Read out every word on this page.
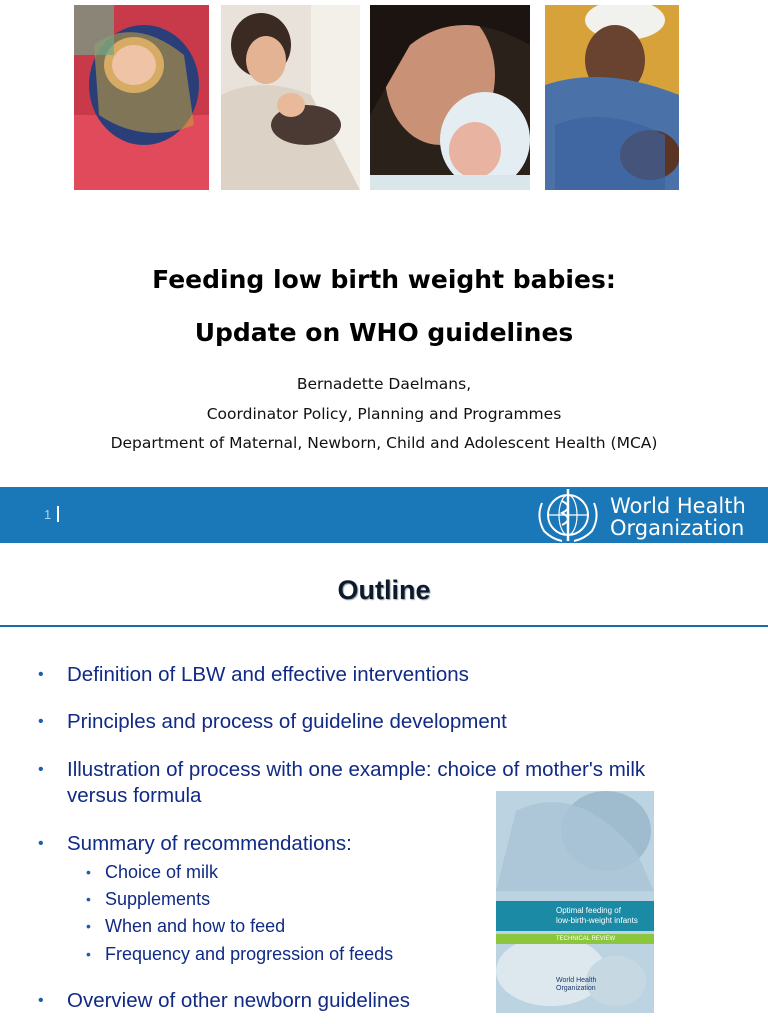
Feeding low birth weight babies:
Update on WHO guidelines
Bernadette Daelmans,
Coordinator Policy, Planning and Programmes
Department of Maternal, Newborn, Child and Adolescent Health (MCA)
1	World Health
Organization
Outline
• Definition of LBW and effective interventions
• Principles and process of guideline development
• Illustration of process with one example: choice of mother's milk
versus formula
• Summary of recommendations:
• Choice of milk
• Supplements
• When and how to feed
• Frequency and progression of feeds
• Overview of other newborn guidelines
Optimal feeding of
low-birth-weight infants
TECHNICAL REVIEW
World Health
Organization
